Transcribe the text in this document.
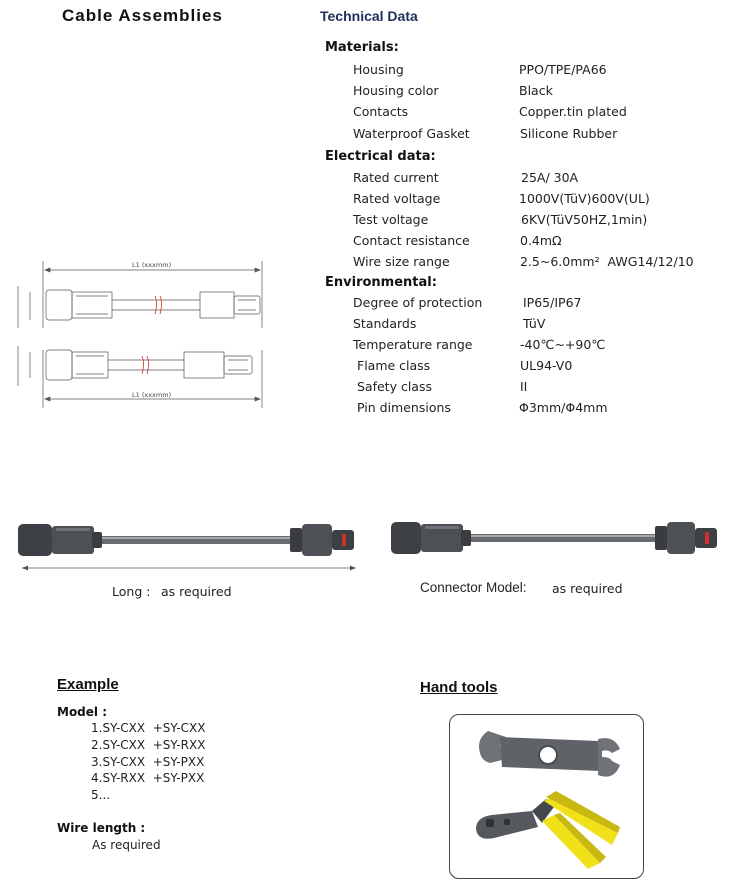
Cable Assemblies	Technical Data
Materials:
Housing	PPO/TPE/PA66
Housing color	Black
Contacts	Copper.tin plated
Waterproof Gasket	Silicone Rubber
Electrical data:
Rated current	25A/ 30A
Rated voltage	1000V(TüV)600V(UL)
Test voltage	6KV(TüV50HZ,1min)
Contact resistance	0.4mΩ
Wire size range	2.5~6.0mm²  AWG14/12/10
Environmental:
Degree of protection	IP65/IP67
Standards	TüV
Temperature range	-40℃~+90℃
Flame class	UL94-V0
Safety class	II
Pin dimensions	Φ3mm/Φ4mm
L1 (xxxmm)
L1 (xxxmm)
Long : as required	Connector Model: as required
Example
Model :
1.SY-CXX  +SY-CXX
2.SY-CXX  +SY-RXX
3.SY-CXX  +SY-PXX
4.SY-RXX  +SY-PXX
5...
Wire length :
As required
Hand tools
